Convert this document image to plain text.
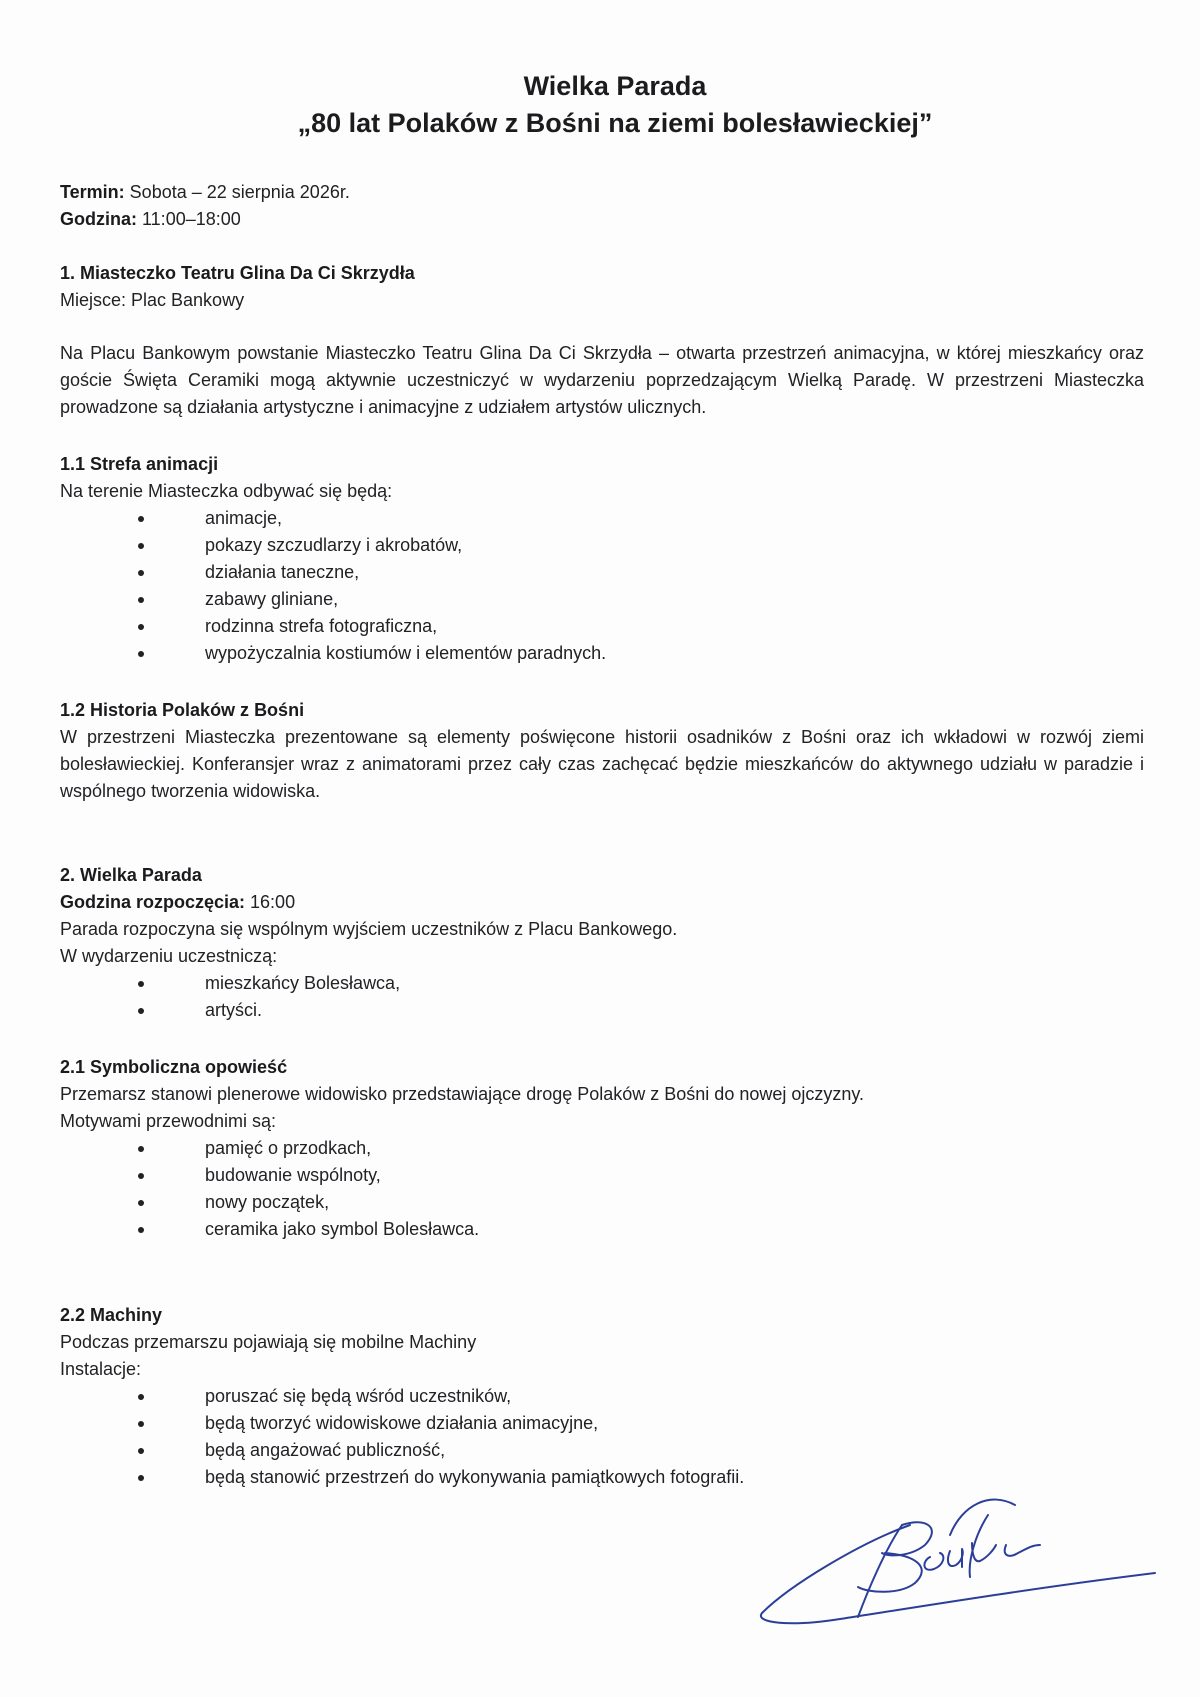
Wielka Parada
„80 lat Polaków z Bośni na ziemi bolesławieckiej”
Termin: Sobota – 22 sierpnia 2026r.
Godzina: 11:00–18:00
1. Miasteczko Teatru Glina Da Ci Skrzydła
Miejsce: Plac Bankowy
Na Placu Bankowym powstanie Miasteczko Teatru Glina Da Ci Skrzydła – otwarta przestrzeń animacyjna, w której mieszkańcy oraz goście Święta Ceramiki mogą aktywnie uczestniczyć w wydarzeniu poprzedzającym Wielką Paradę. W przestrzeni Miasteczka prowadzone są działania artystyczne i animacyjne z udziałem artystów ulicznych.
1.1 Strefa animacji
Na terenie Miasteczka odbywać się będą:
animacje,
pokazy szczudlarzy i akrobatów,
działania taneczne,
zabawy gliniane,
rodzinna strefa fotograficzna,
wypożyczalnia kostiumów i elementów paradnych.
1.2 Historia Polaków z Bośni
W przestrzeni Miasteczka prezentowane są elementy poświęcone historii osadników z Bośni oraz ich wkładowi w rozwój ziemi bolesławieckiej. Konferansjer wraz z animatorami przez cały czas zachęcać będzie mieszkańców do aktywnego udziału w paradzie i wspólnego tworzenia widowiska.
2. Wielka Parada
Godzina rozpoczęcia: 16:00
Parada rozpoczyna się wspólnym wyjściem uczestników z Placu Bankowego.
W wydarzeniu uczestniczą:
mieszkańcy Bolesławca,
artyści.
2.1 Symboliczna opowieść
Przemarsz stanowi plenerowe widowisko przedstawiające drogę Polaków z Bośni do nowej ojczyzny.
Motywami przewodnimi są:
pamięć o przodkach,
budowanie wspólnoty,
nowy początek,
ceramika jako symbol Bolesławca.
2.2 Machiny
Podczas przemarszu pojawiają się mobilne Machiny
Instalacje:
poruszać się będą wśród uczestników,
będą tworzyć widowiskowe działania animacyjne,
będą angażować publiczność,
będą stanowić przestrzeń do wykonywania pamiątkowych fotografii.
